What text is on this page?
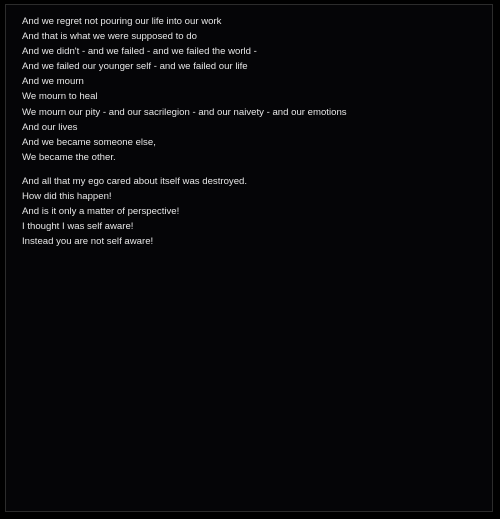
And we regret not pouring our life into our work
And that is what we were supposed to do
And we didn't - and we failed - and we failed the world -
And we failed our younger self - and we failed our life
And we mourn
We mourn to heal
We mourn our pity - and our sacrilegion - and our naivety - and our emotions
And our lives
And we became someone else,
We became the other.
And all that my ego cared about itself was destroyed.
How did this happen!
And is it only a matter of perspective!
I thought I was self aware!
Instead you are not self aware!
